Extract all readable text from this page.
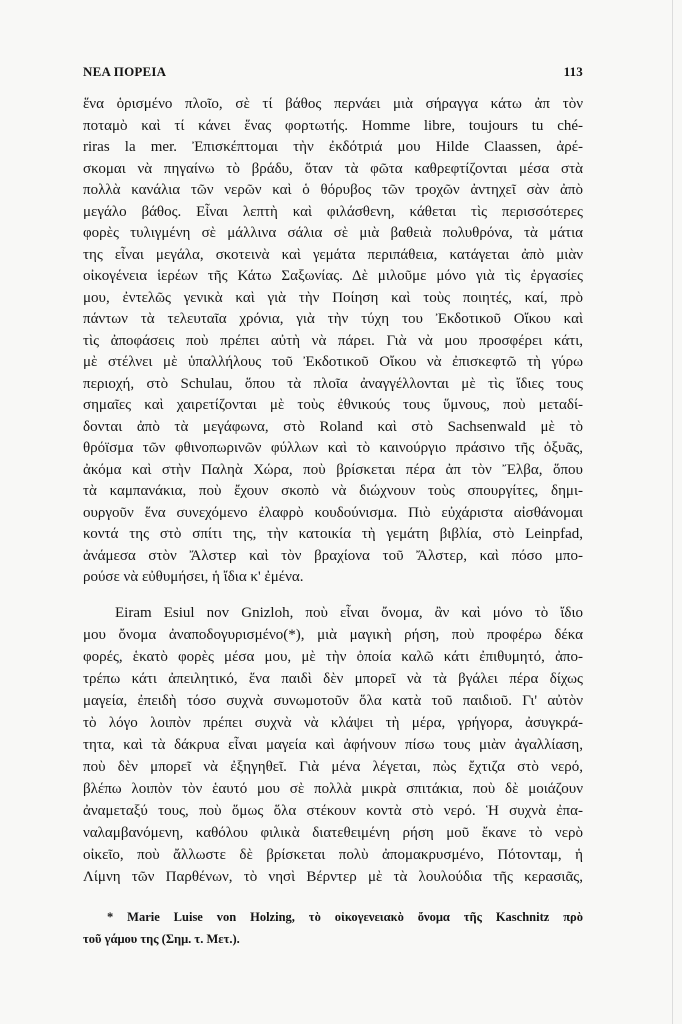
ΝΕΑ ΠΟΡΕΙΑ	113
ἕνα ὁρισμένο πλοῖο, σὲ τί βάθος περνάει μιὰ σήραγγα κάτω ἀπ τὸν
ποταμὸ καὶ τί κάνει ἕνας φορτωτής. Homme libre, toujours tu ché-
riras la mer. Ἐπισκέπτομαι τὴν ἐκδότριά μου Hilde Claassen, ἀρέ-
σκομαι νὰ πηγαίνω τὸ βράδυ, ὅταν τὰ φῶτα καθρεφτίζονται μέσα στὰ
πολλὰ κανάλια τῶν νερῶν καὶ ὁ θόρυβος τῶν τροχῶν ἀντηχεῖ σὰν ἀπὸ
μεγάλο βάθος. Εἶναι λεπτὴ καὶ φιλάσθενη, κάθεται τὶς περισσότερες
φορὲς τυλιγμένη σὲ μάλλινα σάλια σὲ μιὰ βαθειὰ πολυθρόνα, τὰ μάτια
της εἶναι μεγάλα, σκοτεινὰ καὶ γεμάτα περιπάθεια, κατάγεται ἀπὸ μιὰν
οἰκογένεια ἱερέων τῆς Κάτω Σαξωνίας. Δὲ μιλοῦμε μόνο γιὰ τὶς ἐργασίες
μου, ἐντελῶς γενικὰ καὶ γιὰ τὴν Ποίηση καὶ τοὺς ποιητές, καί, πρὸ
πάντων τὰ τελευταῖα χρόνια, γιὰ τὴν τύχη του Ἐκδοτικοῦ Οἴκου καὶ
τὶς ἀποφάσεις ποὺ πρέπει αὐτὴ νὰ πάρει. Γιὰ νὰ μου προσφέρει κάτι,
μὲ στέλνει μὲ ὑπαλλήλους τοῦ Ἐκδοτικοῦ Οἴκου νὰ ἐπισκεφτῶ τὴ γύρω
περιοχή, στὸ Schulau, ὅπου τὰ πλοῖα ἀναγγέλλονται μὲ τὶς ἴδιες τους
σημαῖες καὶ χαιρετίζονται μὲ τοὺς ἐθνικούς τους ὕμνους, ποὺ μεταδί-
δονται ἀπὸ τὰ μεγάφωνα, στὸ Roland καὶ στὸ Sachsenwald μὲ τὸ
θρόϊσμα τῶν φθινοπωρινῶν φύλλων καὶ τὸ καινούργιο πράσινο τῆς ὀξυᾶς,
ἀκόμα καὶ στὴν Παληὰ Χώρα, ποὺ βρίσκεται πέρα ἀπ τὸν Ἔλβα, ὅπου
τὰ καμπανάκια, ποὺ ἔχουν σκοπὸ νὰ διώχνουν τοὺς σπουργίτες, δημι-
ουργοῦν ἕνα συνεχόμενο ἐλαφρὸ κουδούνισμα. Πιὸ εὐχάριστα αἰσθάνομαι
κοντά της στὸ σπίτι της, τὴν κατοικία τὴ γεμάτη βιβλία, στὸ Leinpfad,
ἀνάμεσα στὸν Ἄλστερ καὶ τὸν βραχίονα τοῦ Ἄλστερ, καὶ πόσο μπο-
ρούσε νὰ εὐθυμήσει, ἡ ἴδια κ' ἐμένα.
Eiram Esiul nov Gnizloh, ποὺ εἶναι ὄνομα, ἂν καὶ μόνο τὸ ἴδιο
μου ὄνομα ἀναποδογυρισμένο(*), μιὰ μαγικὴ ρήση, ποὺ προφέρω δέκα
φορές, ἑκατὸ φορὲς μέσα μου, μὲ τὴν ὁποία καλῶ κάτι ἐπιθυμητό, ἀπο-
τρέπω κάτι ἀπειλητικό, ἕνα παιδὶ δὲν μπορεῖ νὰ τὰ βγάλει πέρα δίχως
μαγεία, ἐπειδὴ τόσο συχνὰ συνωμοτοῦν ὅλα κατὰ τοῦ παιδιοῦ. Γι' αὐτὸν
τὸ λόγο λοιπὸν πρέπει συχνὰ νὰ κλάψει τὴ μέρα, γρήγορα, ἀσυγκρά-
τητα, καὶ τὰ δάκρυα εἶναι μαγεία καὶ ἀφήνουν πίσω τους μιὰν ἀγαλλίαση,
ποὺ δὲν μπορεῖ νὰ ἐξηγηθεῖ. Γιὰ μένα λέγεται, πὼς ἔχτιζα στὸ νερό,
βλέπω λοιπὸν τὸν ἑαυτό μου σὲ πολλὰ μικρὰ σπιτάκια, ποὺ δὲ μοιάζουν
ἀναμεταξύ τους, ποὺ ὅμως ὅλα στέκουν κοντὰ στὸ νερό. Ἡ συχνὰ ἐπα-
ναλαμβανόμενη, καθόλου φιλικὰ διατεθειμένη ρήση μοῦ ἔκανε τὸ νερὸ
οἰκεῖο, ποὺ ἄλλωστε δὲ βρίσκεται πολὺ ἀπομακρυσμένο, Πότονταμ, ἡ
Λίμνη τῶν Παρθένων, τὸ νησὶ Βέρντερ μὲ τὰ λουλούδια τῆς κερασιᾶς,
* Marie Luise von Holzing, τὸ οἰκογενειακὸ ὄνομα τῆς Kaschnitz πρὸ
τοῦ γάμου της (Σημ. τ. Μετ.).
